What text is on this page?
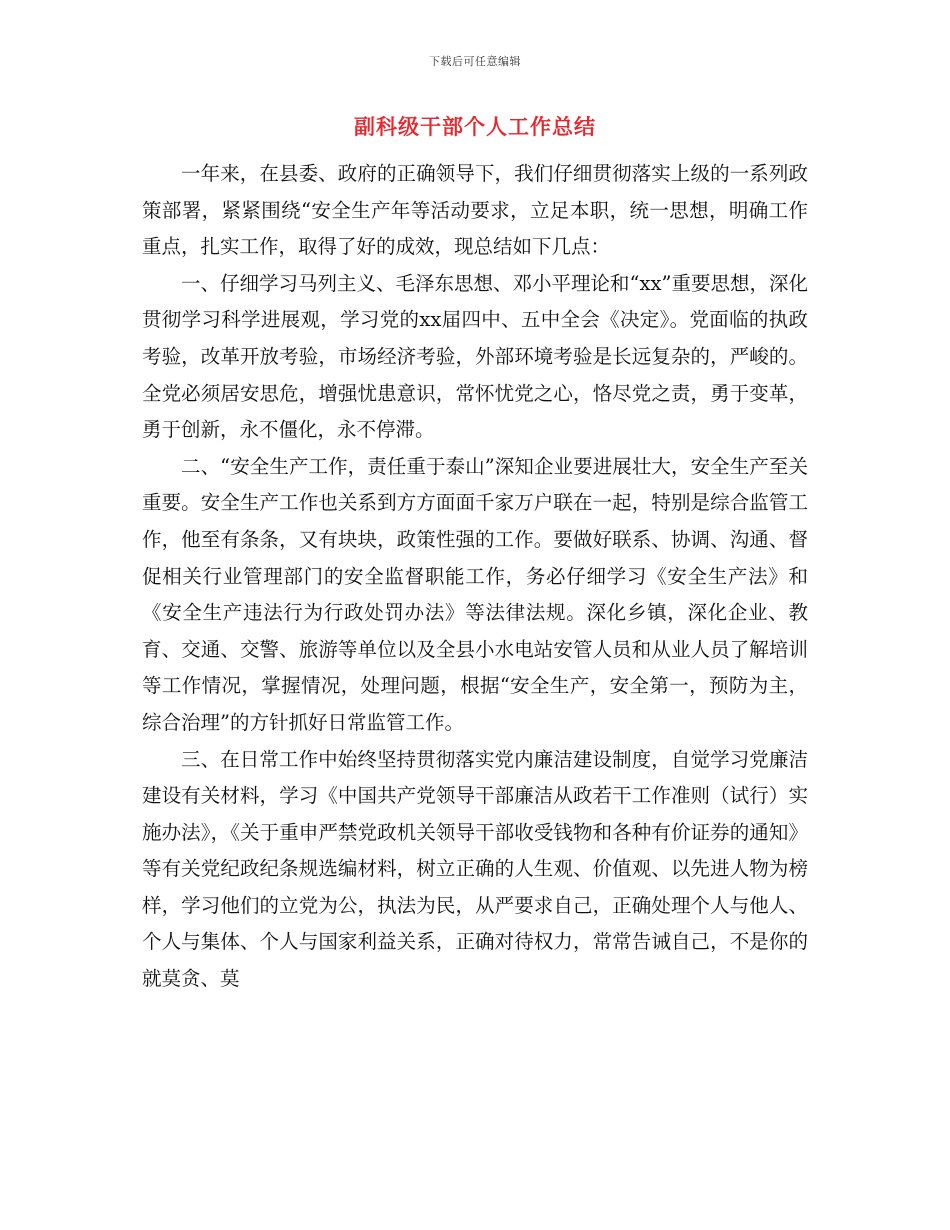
下载后可任意编辑
副科级干部个人工作总结

一年来，在县委、政府的正确领导下，我们仔细贯彻落实上级的一系列政策部署，紧紧围绕“安全生产年等活动要求，立足本职，统一思想，明确工作重点，扎实工作，取得了好的成效，现总结如下几点：

一、仔细学习马列主义、毛泽东思想、邓小平理论和“xx”重要思想，深化贯彻学习科学进展观，学习党的xx届四中、五中全会《决定》。党面临的执政考验，改革开放考验，市场经济考验，外部环境考验是长远复杂的，严峻的。全党必须居安思危，增强忧患意识，常怀忧党之心，恪尽党之责，勇于变革，勇于创新，永不僵化，永不停滞。

二、“安全生产工作，责任重于泰山”深知企业要进展壮大，安全生产至关重要。安全生产工作也关系到方方面面千家万户联在一起，特别是综合监管工作，他至有条条，又有块块，政策性强的工作。要做好联系、协调、沟通、督促相关行业管理部门的安全监督职能工作，务必仔细学习《安全生产法》和《安全生产违法行为行政处罚办法》等法律法规。深化乡镇，深化企业、教育、交通、交警、旅游等单位以及全县小水电站安管人员和从业人员了解培训等工作情况，掌握情况，处理问题，根据“安全生产，安全第一，预防为主，综合治理”的方针抓好日常监管工作。

三、在日常工作中始终坚持贯彻落实党内廉洁建设制度，自觉学习党廉洁建设有关材料，学习《中国共产党领导干部廉洁从政若干工作准则（试行）实施办法》，《关于重申严禁党政机关领导干部收受钱物和各种有价证券的通知》等有关党纪政纪条规选编材料，树立正确的人生观、价值观、以先进人物为榜样，学习他们的立党为公，执法为民，从严要求自己，正确处理个人与他人、个人与集体、个人与国家利益关系，正确对待权力，常常告诫自己，不是你的就莫贪、莫
